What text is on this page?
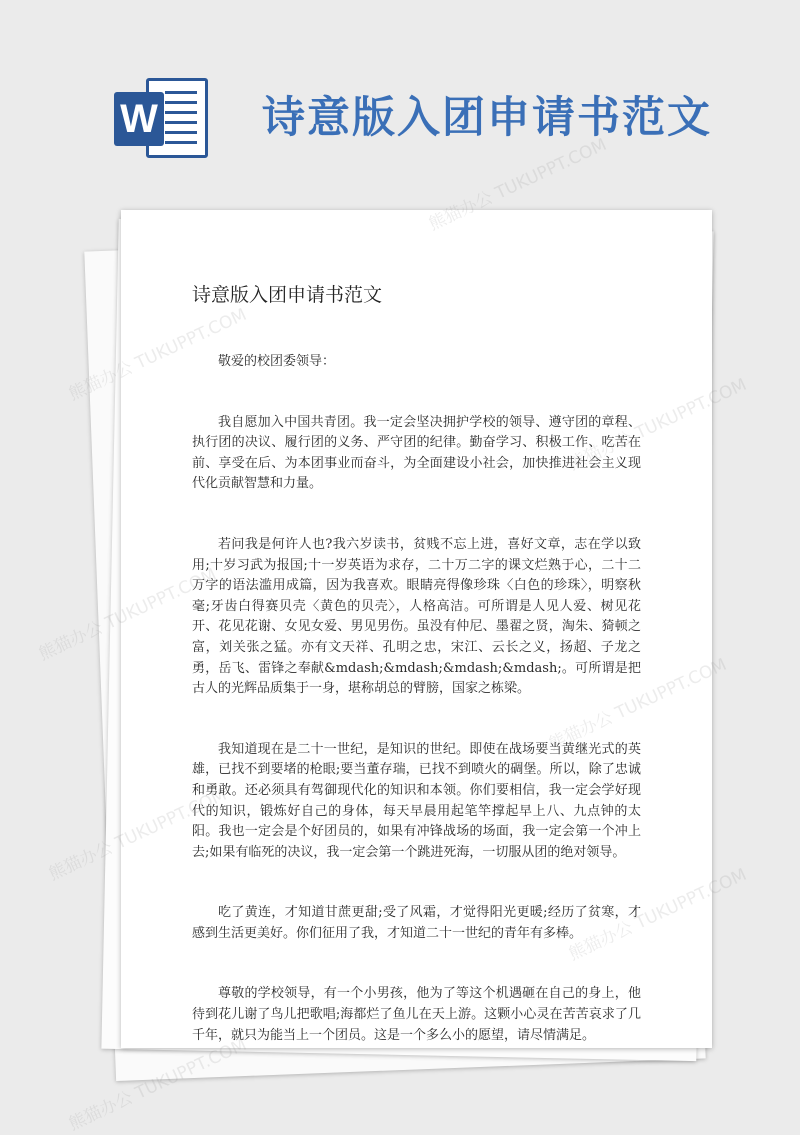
W 诗意版入团申请书范文
诗意版入团申请书范文

敬爱的校团委领导：

我自愿加入中国共青团。我一定会坚决拥护学校的领导、遵守团的章程、执行团的决议、履行团的义务、严守团的纪律。勤奋学习、积极工作、吃苦在前、享受在后、为本团事业而奋斗，为全面建设小社会，加快推进社会主义现代化贡献智慧和力量。

若问我是何许人也?我六岁读书，贫贱不忘上进，喜好文章，志在学以致用;十岁习武为报国;十一岁英语为求存，二十万二字的课文烂熟于心，二十二万字的语法滥用成篇，因为我喜欢。眼睛亮得像珍珠〈白色的珍珠〉，明察秋毫;牙齿白得赛贝壳〈黄色的贝壳〉，人格高洁。可所谓是人见人爱、树见花开、花见花谢、女见女爱、男见男伤。虽没有仲尼、墨翟之贤，淘朱、猗顿之富，刘关张之猛。亦有文天祥、孔明之忠，宋江、云长之义，扬超、子龙之勇，岳飞、雷锋之奉献&mdash;&mdash;&mdash;&mdash;。可所谓是把古人的光辉品质集于一身，堪称胡总的臂膀，国家之栋梁。

我知道现在是二十一世纪，是知识的世纪。即使在战场要当黄继光式的英雄，已找不到要堵的枪眼;要当董存瑞，已找不到喷火的碉堡。所以，除了忠诚和勇敢。还必须具有驾御现代化的知识和本领。你们要相信，我一定会学好现代的知识，锻炼好自己的身体，每天早晨用起笔竿撑起早上八、九点钟的太阳。我也一定会是个好团员的，如果有冲锋战场的场面，我一定会第一个冲上去;如果有临死的决议，我一定会第一个跳进死海，一切服从团的绝对领导。

吃了黄连，才知道甘蔗更甜;受了风霜，才觉得阳光更暖;经历了贫寒，才感到生活更美好。你们征用了我，才知道二十一世纪的青年有多棒。

尊敬的学校领导，有一个小男孩，他为了等这个机遇砸在自己的身上，他待到花儿谢了鸟儿把歌唱;海都烂了鱼儿在天上游。这颗小心灵在苦苦哀求了几千年，就只为能当上一个团员。这是一个多么小的愿望，请尽情满足。

熊猫办公 TUKUPPT.COM
熊猫办公
熊猫办公
熊猫办公 TUKUPPT.COM
